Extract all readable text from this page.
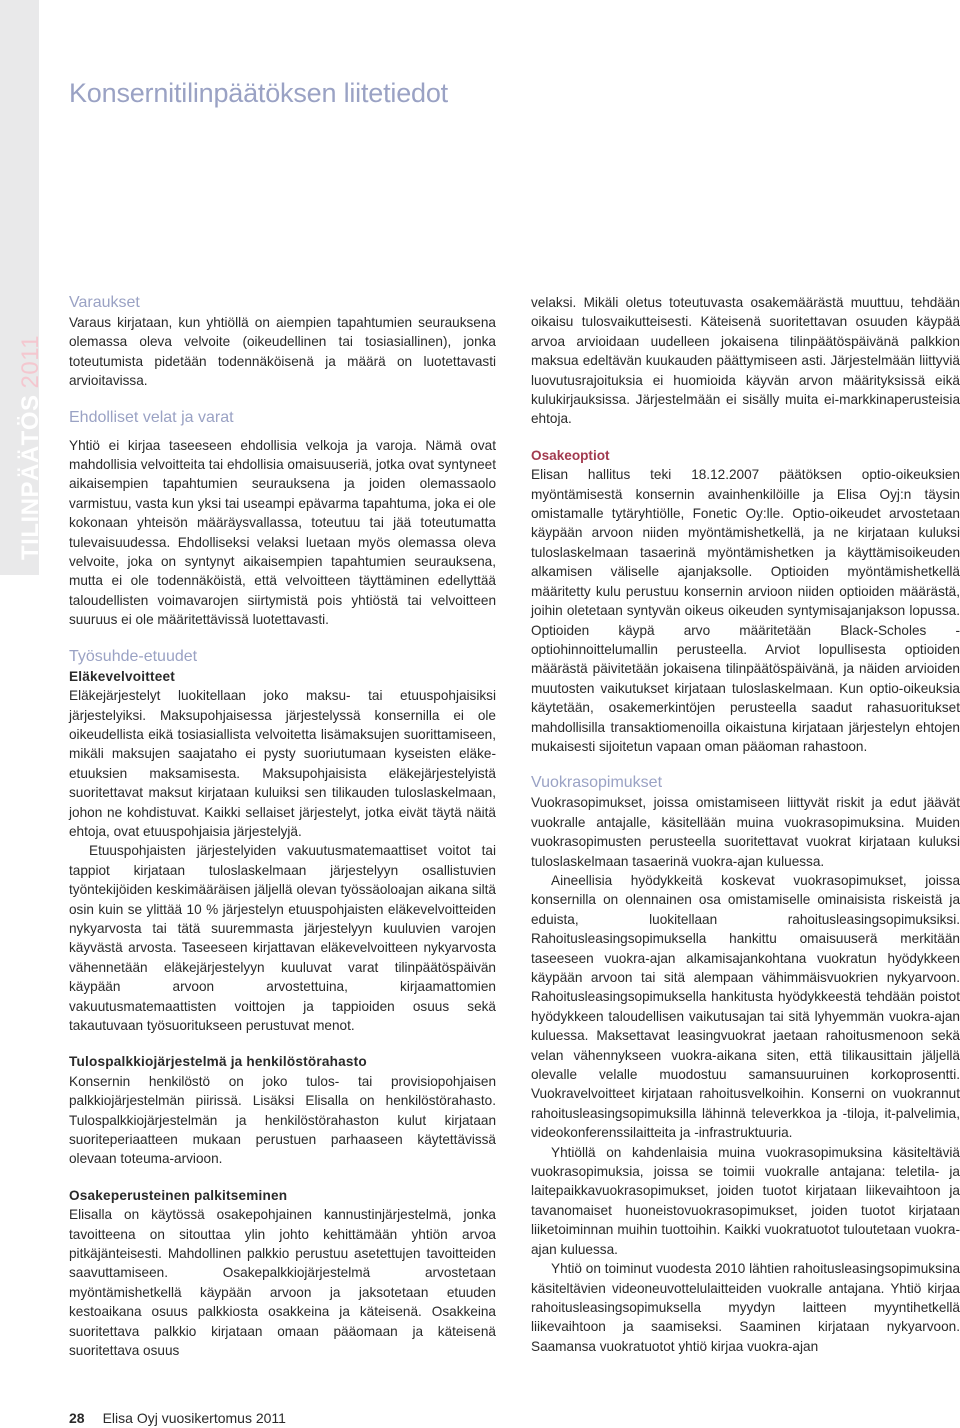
TILINPÄÄTÖS2011
Konsernitilinpäätöksen liitetiedot
Varaukset

Varaus kirjataan, kun yhtiöllä on aiempien tapahtumien seurauksena olemassa oleva velvoite (oikeudellinen tai tosiasiallinen), jonka toteutumista pidetään todennäköisenä ja määrä on luotettavasti arvioitavissa.

Ehdolliset velat ja varat

Yhtiö ei kirjaa taseeseen ehdollisia velkoja ja varoja. Nämä ovat mahdollisia velvoitteita tai ehdollisia omaisuuseriä, jotka ovat syntyneet aikaisempien tapahtumien seurauksena ja joiden olemassaolo varmistuu, vasta kun yksi tai useampi epävarma tapahtuma, joka ei ole kokonaan yhteisön määräysvallassa, toteutuu tai jää toteutumatta tulevaisuudessa. Ehdolliseksi velaksi luetaan myös olemassa oleva velvoite, joka on syntynyt aikaisempien tapahtumien seurauksena, mutta ei ole todennäköistä, että velvoitteen täyttäminen edellyttää taloudellisten voimavarojen siirtymistä pois yhtiöstä tai velvoitteen suuruus ei ole määritettävissä luotettavasti.

Työsuhde-etuudet
Eläkevelvoitteet

Eläkejärjestelyt luokitellaan joko maksu- tai etuuspohjaisiksi järjestelyiksi. Maksupohjaisessa järjestelyssä konsernilla ei ole oikeudellista eikä tosiasiallista velvoitetta lisämaksujen suorittamiseen, mikäli maksujen saajataho ei pysty suoriutumaan kyseisten eläke-etuuksien maksamisesta. Maksupohjaisista eläkejärjestelyistä suoritettavat maksut kirjataan kuluiksi sen tilikauden tuloslaskelmaan, johon ne kohdistuvat. Kaikki sellaiset järjestelyt, jotka eivät täytä näitä ehtoja, ovat etuuspohjaisia järjestelyjä.

Etuuspohjaisten järjestelyiden vakuutusmatemaattiset voitot tai tappiot kirjataan tuloslaskelmaan järjestelyyn osallistuvien työntekijöiden keskimääräisen jäljellä olevan työssäoloajan aikana siltä osin kuin se ylittää 10 % järjestelyn etuuspohjaisten eläkevelvoitteiden nykyarvosta tai tätä suuremmasta järjestelyyn kuuluvien varojen käyvästä arvosta. Taseeseen kirjattavan eläkevelvoitteen nykyarvosta vähennetään eläkejärjestelyyn kuuluvat varat tilinpäätöspäivän käypään arvoon arvostettuina, kirjaamattomien vakuutusmatemaattisten voittojen ja tappioiden osuus sekä takautuvaan työsuoritukseen perustuvat menot.

Tulospalkkiojärjestelmä ja henkilöstörahasto

Konsernin henkilöstö on joko tulos- tai provisiopohjaisen palkkiojärjestelmän piirissä. Lisäksi Elisalla on henkilöstörahasto. Tulospalkkiojärjestelmän ja henkilöstörahaston kulut kirjataan suoriteperiaatteen mukaan perustuen parhaaseen käytettävissä olevaan toteuma-arvioon.

Osakeperusteinen palkitseminen

Elisalla on käytössä osakepohjainen kannustinjärjestelmä, jonka tavoitteena on sitouttaa ylin johto kehittämään yhtiön arvoa pitkäjänteisesti. Mahdollinen palkkio perustuu asetettujen tavoitteiden saavuttamiseen. Osakepalkkiojärjestelmä arvostetaan myöntämishetkellä käypään arvoon ja jaksotetaan etuuden kestoaikana osuus palkkiosta osakkeina ja käteisenä. Osakkeina suoritettava palkkio kirjataan omaan pääomaan ja käteisenä suoritettava osuus

velaksi. Mikäli oletus toteutuvasta osakemäärästä muuttuu, tehdään oikaisu tulosvaikutteisesti. Käteisenä suoritettavan osuuden käypää arvoa arvioidaan uudelleen jokaisena tilinpäätöspäivänä palkkion maksua edeltävän kuukauden päättymiseen asti. Järjestelmään liittyviä luovutusrajoituksia ei huomioida käyvän arvon määrityksissä eikä kulukirjauksissa. Järjestelmään ei sisälly muita ei-markkinaperusteisia ehtoja.

Osakeoptiot

Elisan hallitus teki 18.12.2007 päätöksen optio-oikeuksien myöntämisestä konsernin avainhenkilöille ja Elisa Oyj:n täysin omistamalle tytäryhtiölle, Fonetic Oy:lle. Optio-oikeudet arvostetaan käypään arvoon niiden myöntämishetkellä, ja ne kirjataan kuluksi tuloslaskelmaan tasaerinä myöntämishetken ja käyttämisoikeuden alkamisen väliselle ajanjaksolle. Optioiden myöntämishetkellä määritetty kulu perustuu konsernin arvioon niiden optioiden määrästä, joihin oletetaan syntyvän oikeus oikeuden syntymisajanjakson lopussa. Optioiden käypä arvo määritetään Black-Scholes -optiohinnoittelumallin perusteella. Arviot lopullisesta optioiden määrästä päivitetään jokaisena tilinpäätöspäivänä, ja näiden arvioiden muutosten vaikutukset kirjataan tuloslaskelmaan. Kun optio-oikeuksia käytetään, osakemerkintöjen perusteella saadut rahasuoritukset mahdollisilla transaktiomenoilla oikaistuna kirjataan järjestelyn ehtojen mukaisesti sijoitetun vapaan oman pääoman rahastoon.

Vuokrasopimukset

Vuokrasopimukset, joissa omistamiseen liittyvät riskit ja edut jäävät vuokralle antajalle, käsitellään muina vuokrasopimuksina. Muiden vuokrasopimusten perusteella suoritettavat vuokrat kirjataan kuluksi tuloslaskelmaan tasaerinä vuokra-ajan kuluessa.

Aineellisia hyödykkeitä koskevat vuokrasopimukset, joissa konsernilla on olennainen osa omistamiselle ominaisista riskeistä ja eduista, luokitellaan rahoitusleasingsopimuksiksi. Rahoitusleasingsopimuksella hankittu omaisuuserä merkitään taseeseen vuokra-ajan alkamisajankohtana vuokratun hyödykkeen käypään arvoon tai sitä alempaan vähimmäisvuokrien nykyarvoon. Rahoitusleasingsopimuksella hankitusta hyödykkeestä tehdään poistot hyödykkeen taloudellisen vaikutusajan tai sitä lyhyemmän vuokra-ajan kuluessa. Maksettavat leasingvuokrat jaetaan rahoitusmenoon sekä velan vähennykseen vuokra-aikana siten, että tilikausittain jäljellä olevalle velalle muodostuu samansuuruinen korkoprosentti. Vuokravelvoitteet kirjataan rahoitusvelkoihin. Konserni on vuokrannut rahoitusleasingsopimuksilla lähinnä televerkkoa ja -tiloja, it-palvelimia, videokonferenssilaitteita ja -infrastruktuuria.

Yhtiöllä on kahdenlaisia muina vuokrasopimuksina käsiteltäviä vuokrasopimuksia, joissa se toimii vuokralle antajana: teletila- ja laitepaikkavuokrasopimukset, joiden tuotot kirjataan liikevaihtoon ja tavanomaiset huoneistovuokrasopimukset, joiden tuotot kirjataan liiketoiminnan muihin tuottoihin. Kaikki vuokratuotot tuloutetaan vuokra-ajan kuluessa.

Yhtiö on toiminut vuodesta 2010 lähtien rahoitusleasingsopimuksina käsiteltävien videoneuvottelulaitteiden vuokralle antajana. Yhtiö kirjaa rahoitusleasingsopimuksella myydyn laitteen myyntihetkellä liikevaihtoon ja saamiseksi. Saaminen kirjataan nykyarvoon. Saamansa vuokratuotot yhtiö kirjaa vuokra-ajan

28 Elisa Oyj vuosikertomus 2011
